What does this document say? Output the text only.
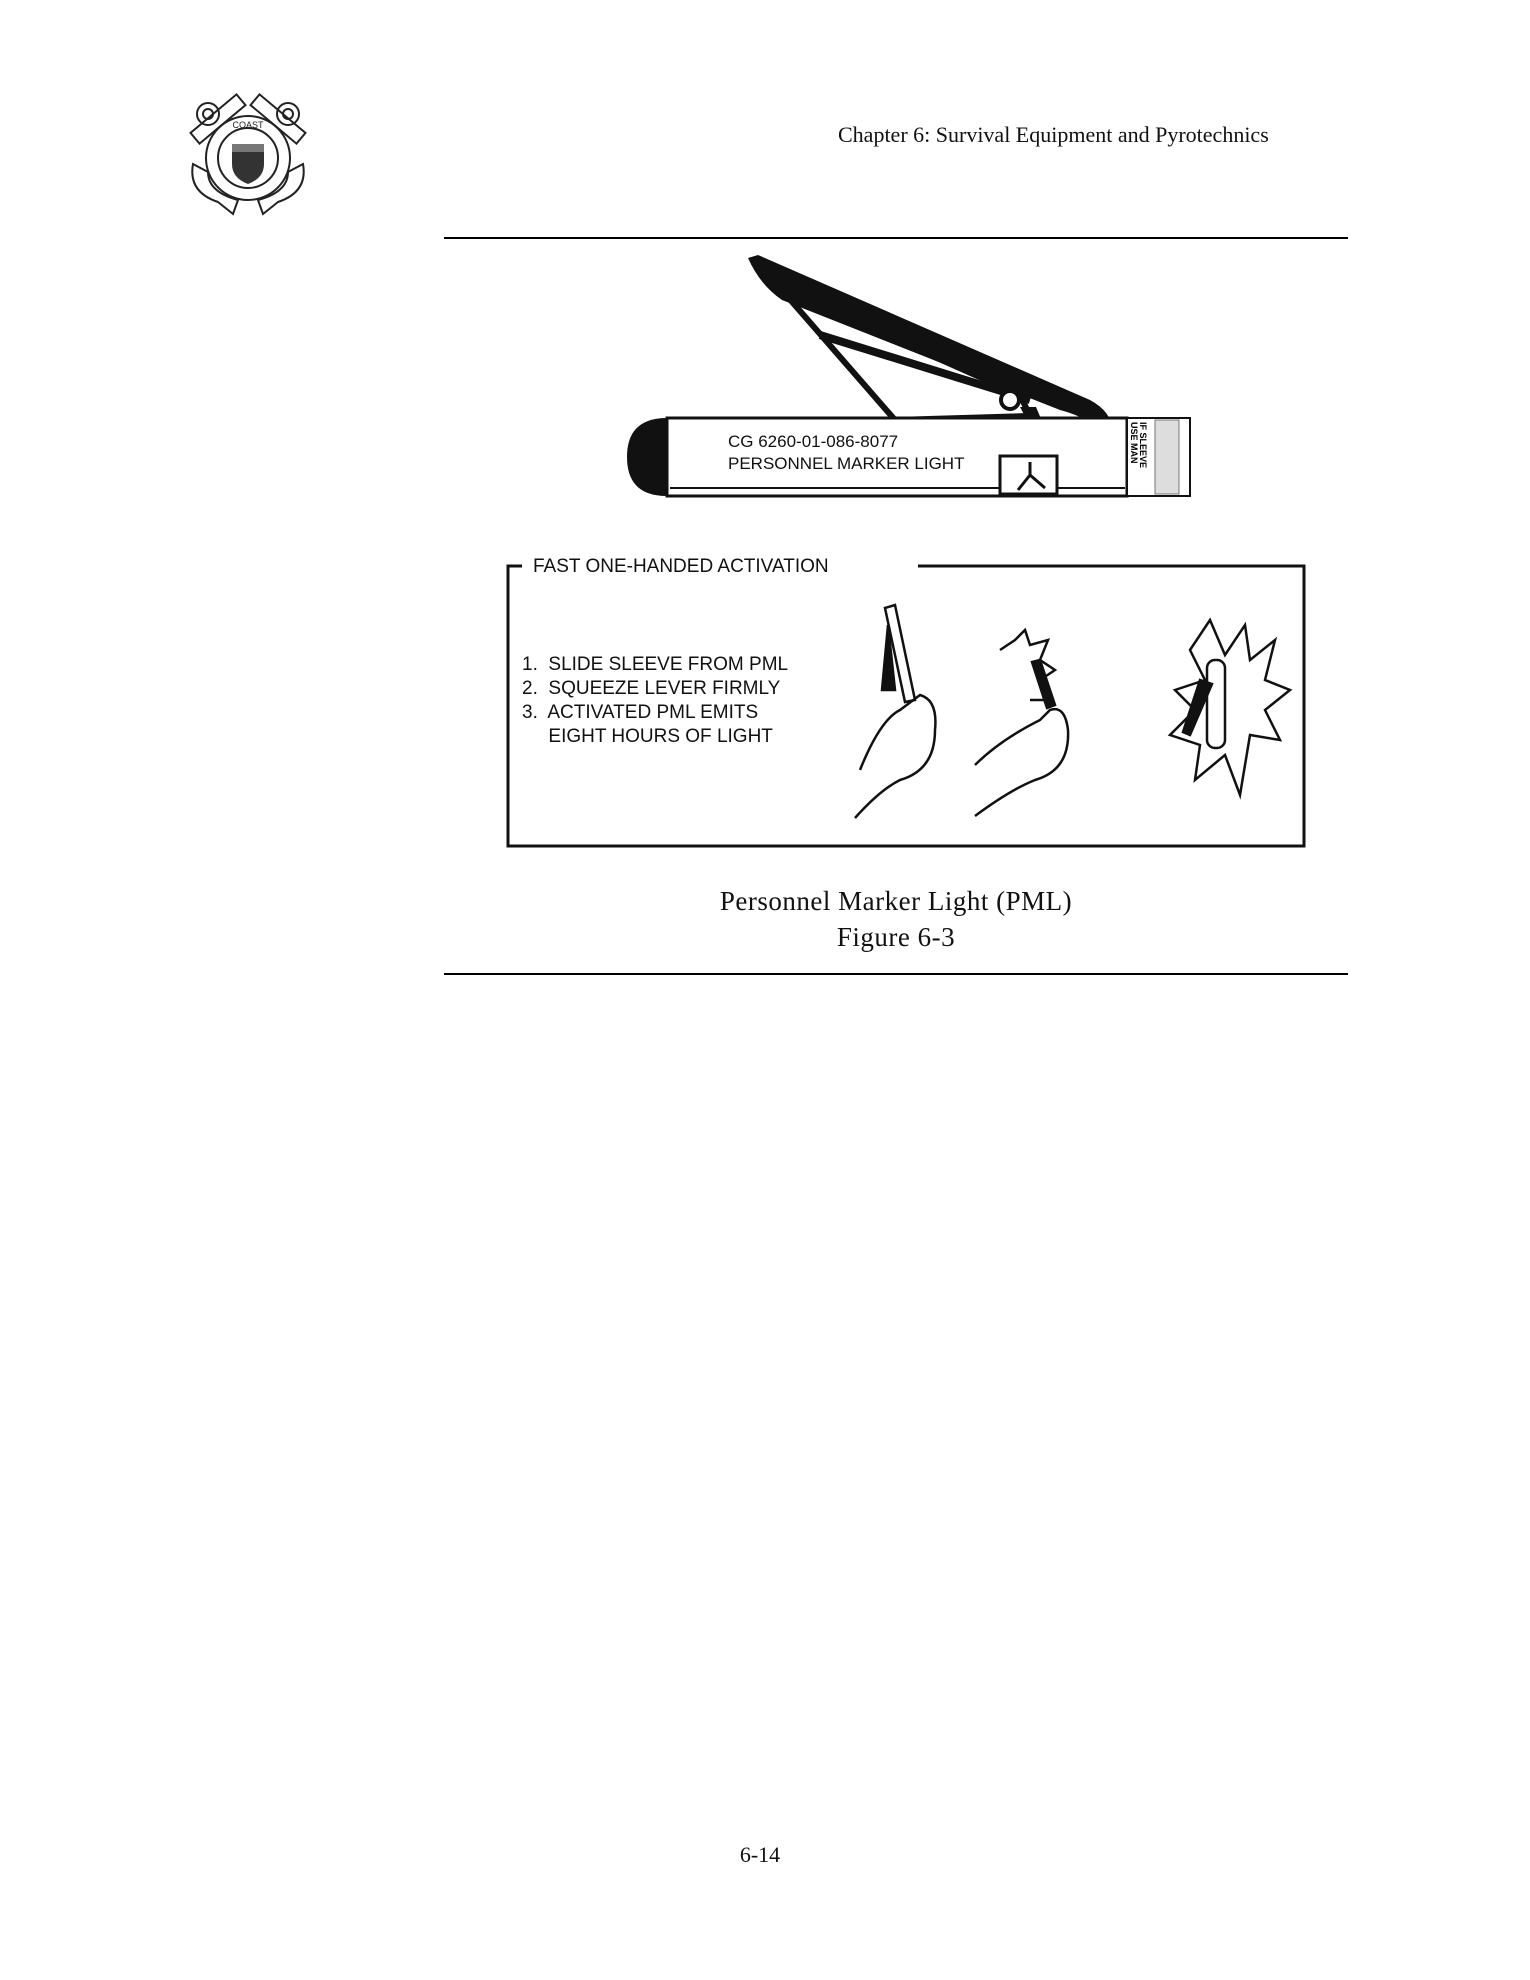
COAST	Chapter 6: Survival Equipment and Pyrotechnics
CG 6260-01-086-8077
PERSONNEL MARKER LIGHT	IF SLEEVE
USE MAN
FAST ONE-HANDED ACTIVATION
1.  SLIDE SLEEVE FROM PML
2.  SQUEEZE LEVER FIRMLY
3.  ACTIVATED PML EMITS
EIGHT HOURS OF LIGHT
Personnel Marker Light (PML)
Figure 6-3
6-14
